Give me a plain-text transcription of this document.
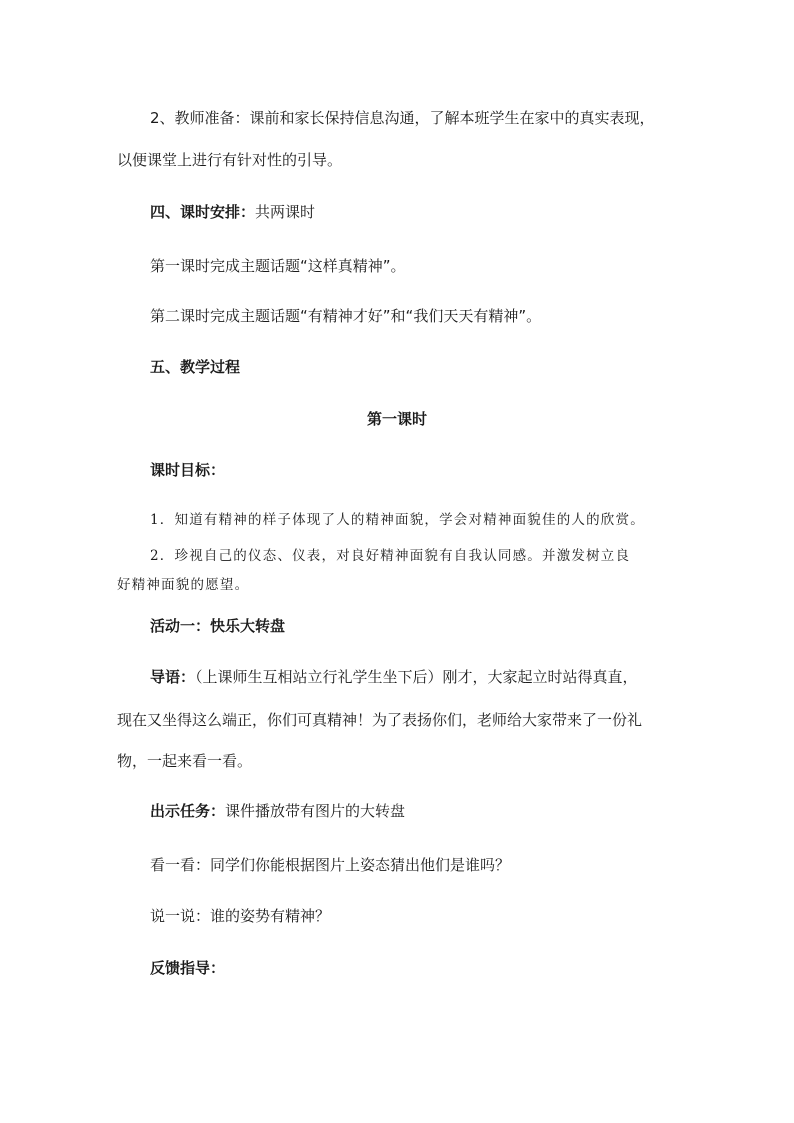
2、教师准备：课前和家长保持信息沟通，了解本班学生在家中的真实表现，
以便课堂上进行有针对性的引导。
四、课时安排：共两课时
第一课时完成主题话题“这样真精神”。
第二课时完成主题话题“有精神才好”和“我们天天有精神”。
五、教学过程
第一课时
课时目标：
1．知道有精神的样子体现了人的精神面貌，学会对精神面貌佳的人的欣赏。
2．珍视自己的仪态、仪表，对良好精神面貌有自我认同感。并激发树立良
好精神面貌的愿望。
活动一：快乐大转盘
导语：（上课师生互相站立行礼学生坐下后）刚才，大家起立时站得真直，
现在又坐得这么端正，你们可真精神！为了表扬你们，老师给大家带来了一份礼
物，一起来看一看。
出示任务：课件播放带有图片的大转盘
看一看：同学们你能根据图片上姿态猜出他们是谁吗？
说一说：谁的姿势有精神？
反馈指导：
